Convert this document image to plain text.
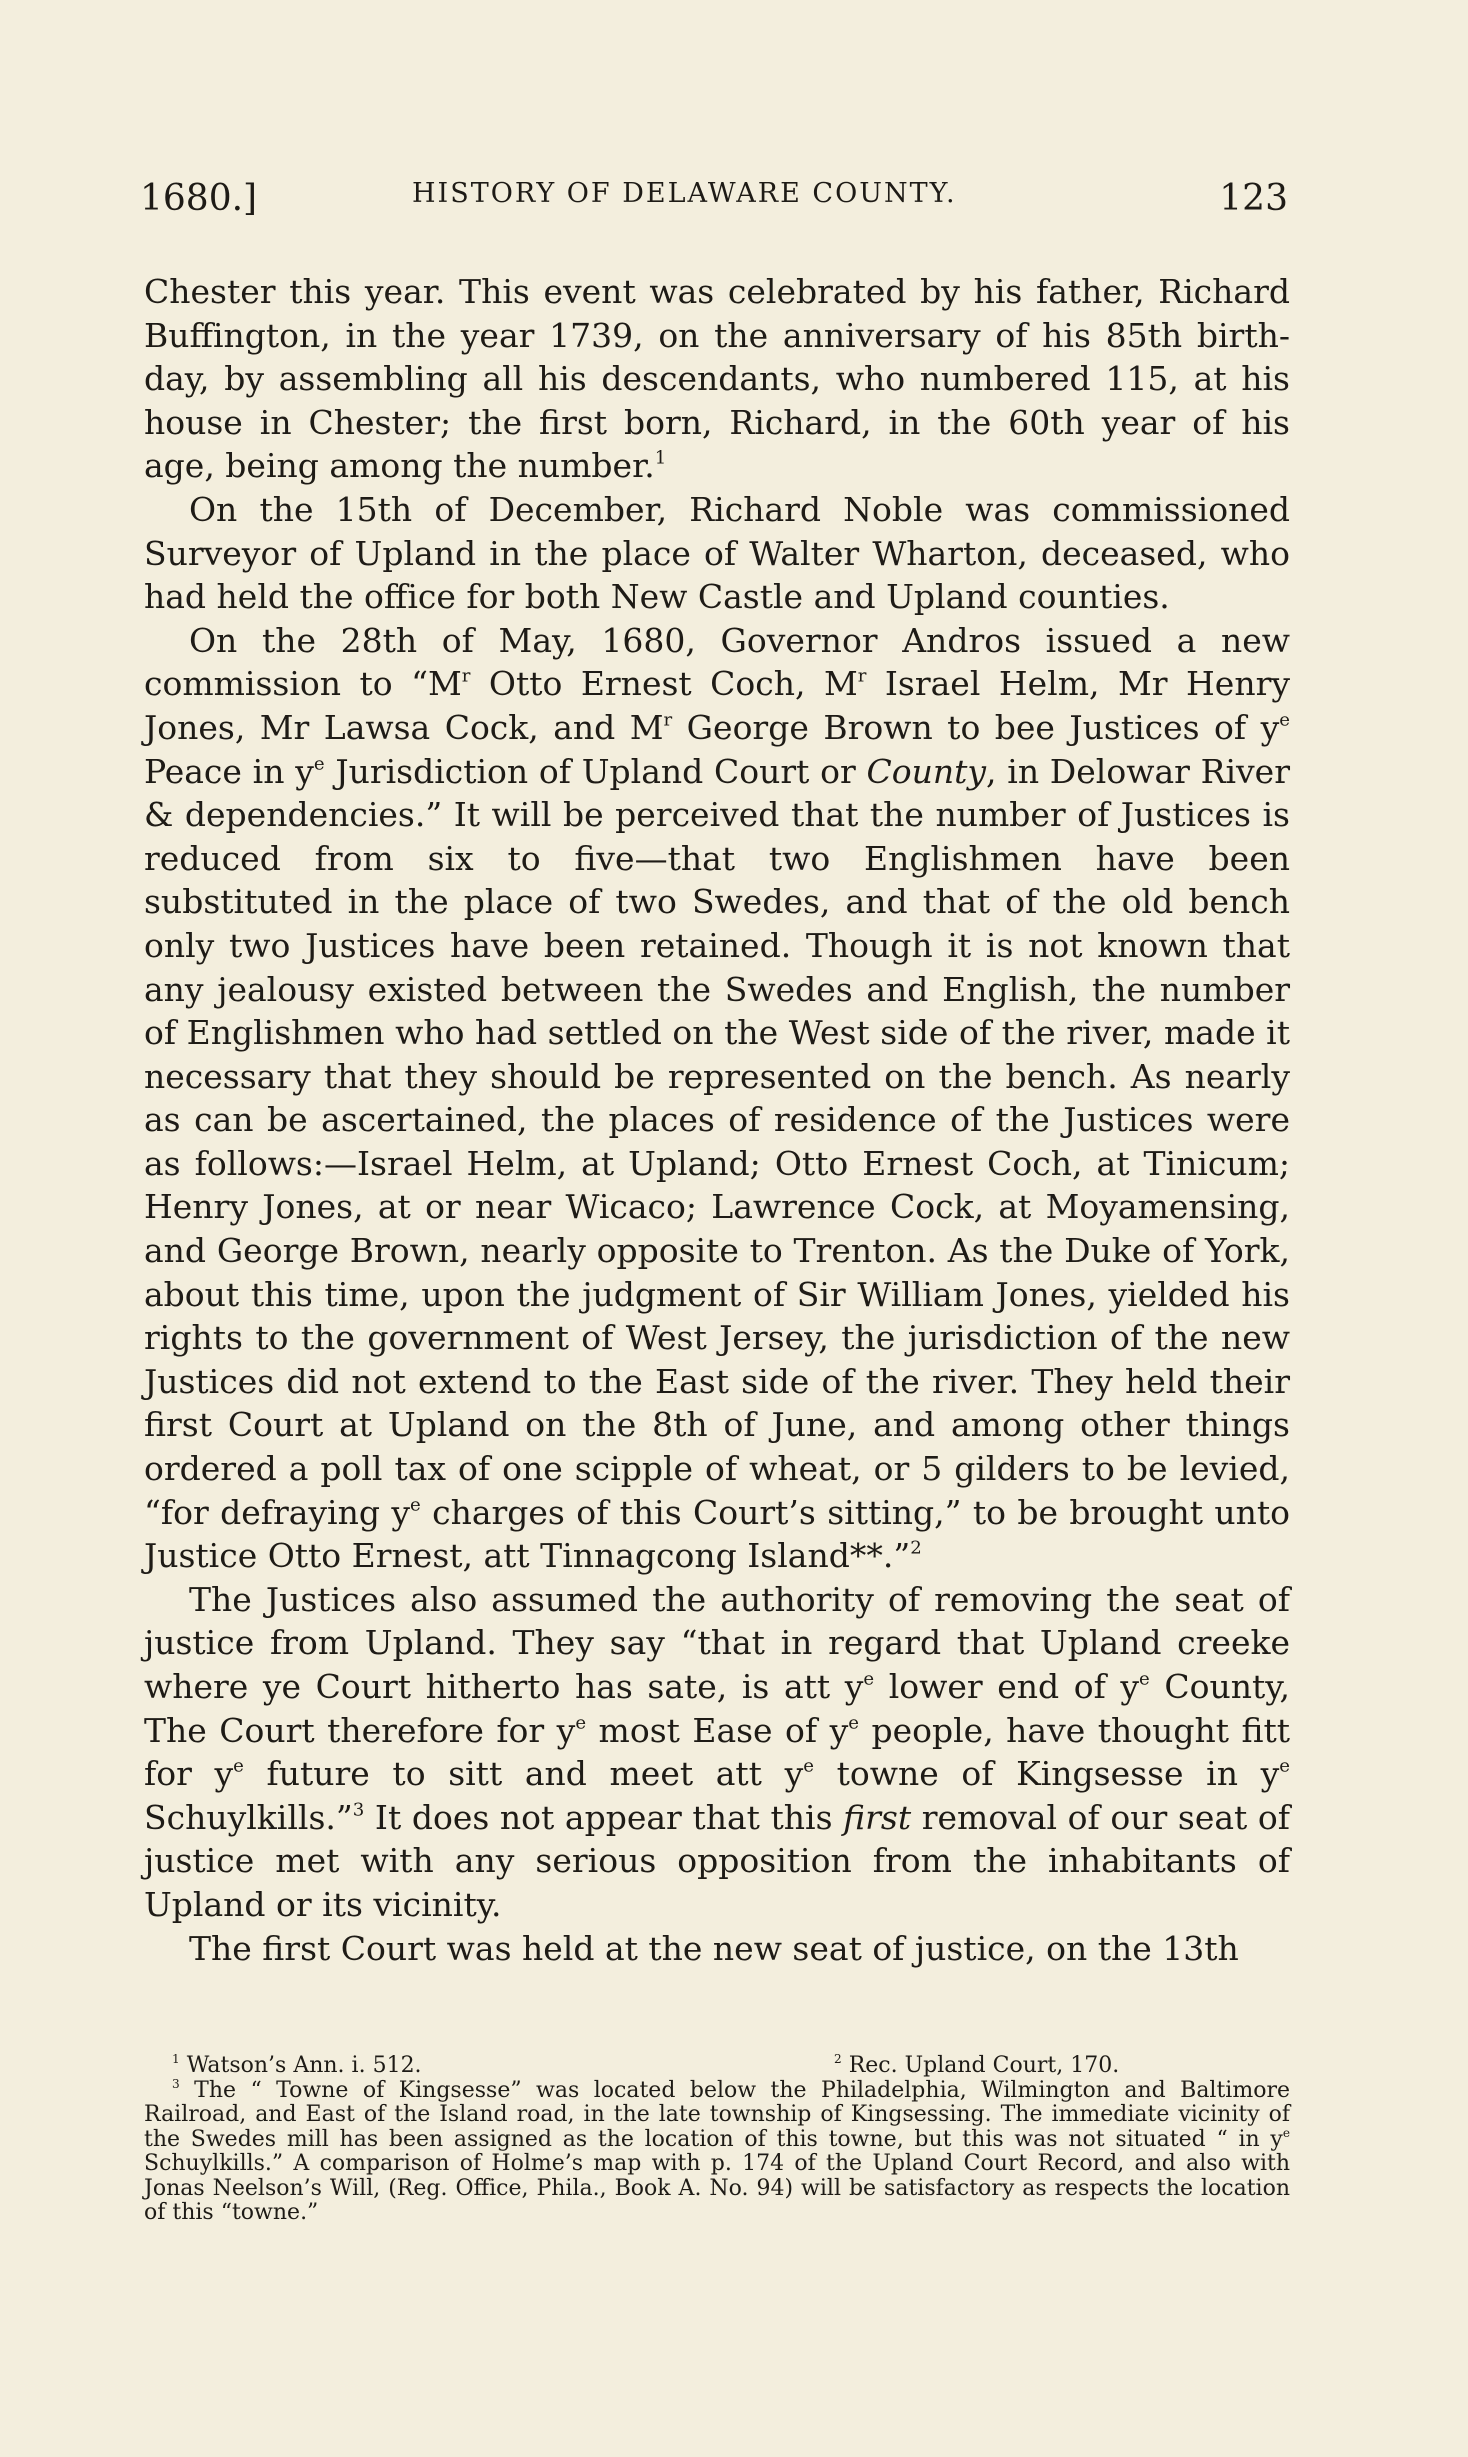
1680.]	HISTORY OF DELAWARE COUNTY.	123

Chester this year. This event was celebrated by his father, Richard Buffington, in the year 1739, on the anniversary of his 85th birth-day, by assembling all his descendants, who numbered 115, at his house in Chester; the first born, Richard, in the 60th year of his age, being among the number.$^1$

On the 15th of December, Richard Noble was commissioned Surveyor of Upland in the place of Walter Wharton, deceased, who had held the office for both New Castle and Upland counties.

On the 28th of May, 1680, Governor Andros issued a new commission to “$M^r$ Otto Ernest Coch, $M^r$ Israel Helm, Mr Henry Jones, Mr Lawsa Cock, and $M^r$ George Brown to bee Justices of $y^e$ Peace in $y^e$ Jurisdiction of Upland Court or County, in Delowar River & dependencies.” It will be perceived that the number of Justices is reduced from six to five—that two Englishmen have been substituted in the place of two Swedes, and that of the old bench only two Justices have been retained. Though it is not known that any jealousy existed between the Swedes and English, the number of Englishmen who had settled on the West side of the river, made it necessary that they should be represented on the bench. As nearly as can be ascertained, the places of residence of the Justices were as follows:—Israel Helm, at Upland; Otto Ernest Coch, at Tinicum; Henry Jones, at or near Wicaco; Lawrence Cock, at Moyamensing, and George Brown, nearly opposite to Trenton. As the Duke of York, about this time, upon the judgment of Sir William Jones, yielded his rights to the government of West Jersey, the jurisdiction of the new Justices did not extend to the East side of the river. They held their first Court at Upland on the 8th of June, and among other things ordered a poll tax of one scipple of wheat, or 5 gilders to be levied, “for defraying $y^e$ charges of this Court’s sitting,” to be brought unto Justice Otto Ernest, att Tinnagcong Island**.”$^2$

The Justices also assumed the authority of removing the seat of justice from Upland. They say “that in regard that Upland creeke where ye Court hitherto has sate, is att $y^e$ lower end of $y^e$ County, The Court therefore for $y^e$ most Ease of $y^e$ people, have thought fitt for $y^e$ future to sitt and meet att $y^e$ towne of Kingsesse in $y^e$ Schuylkills.”$^3$ It does not appear that this first removal of our seat of justice met with any serious opposition from the inhabitants of Upland or its vicinity.

The first Court was held at the new seat of justice, on the 13th

$^1$ Watson’s Ann. i. 512.	$^2$ Rec. Upland Court, 170.

$^3$ The “ Towne of Kingsesse” was located below the Philadelphia, Wilmington and Baltimore Railroad, and East of the Island road, in the late township of Kingsessing. The immediate vicinity of the Swedes mill has been assigned as the location of this towne, but this was not situated “ in $y^e$ Schuylkills.” A comparison of Holme’s map with p. 174 of the Upland Court Record, and also with Jonas Neelson’s Will, (Reg. Office, Phila., Book A. No. 94) will be satisfactory as respects the location of this “towne.”
